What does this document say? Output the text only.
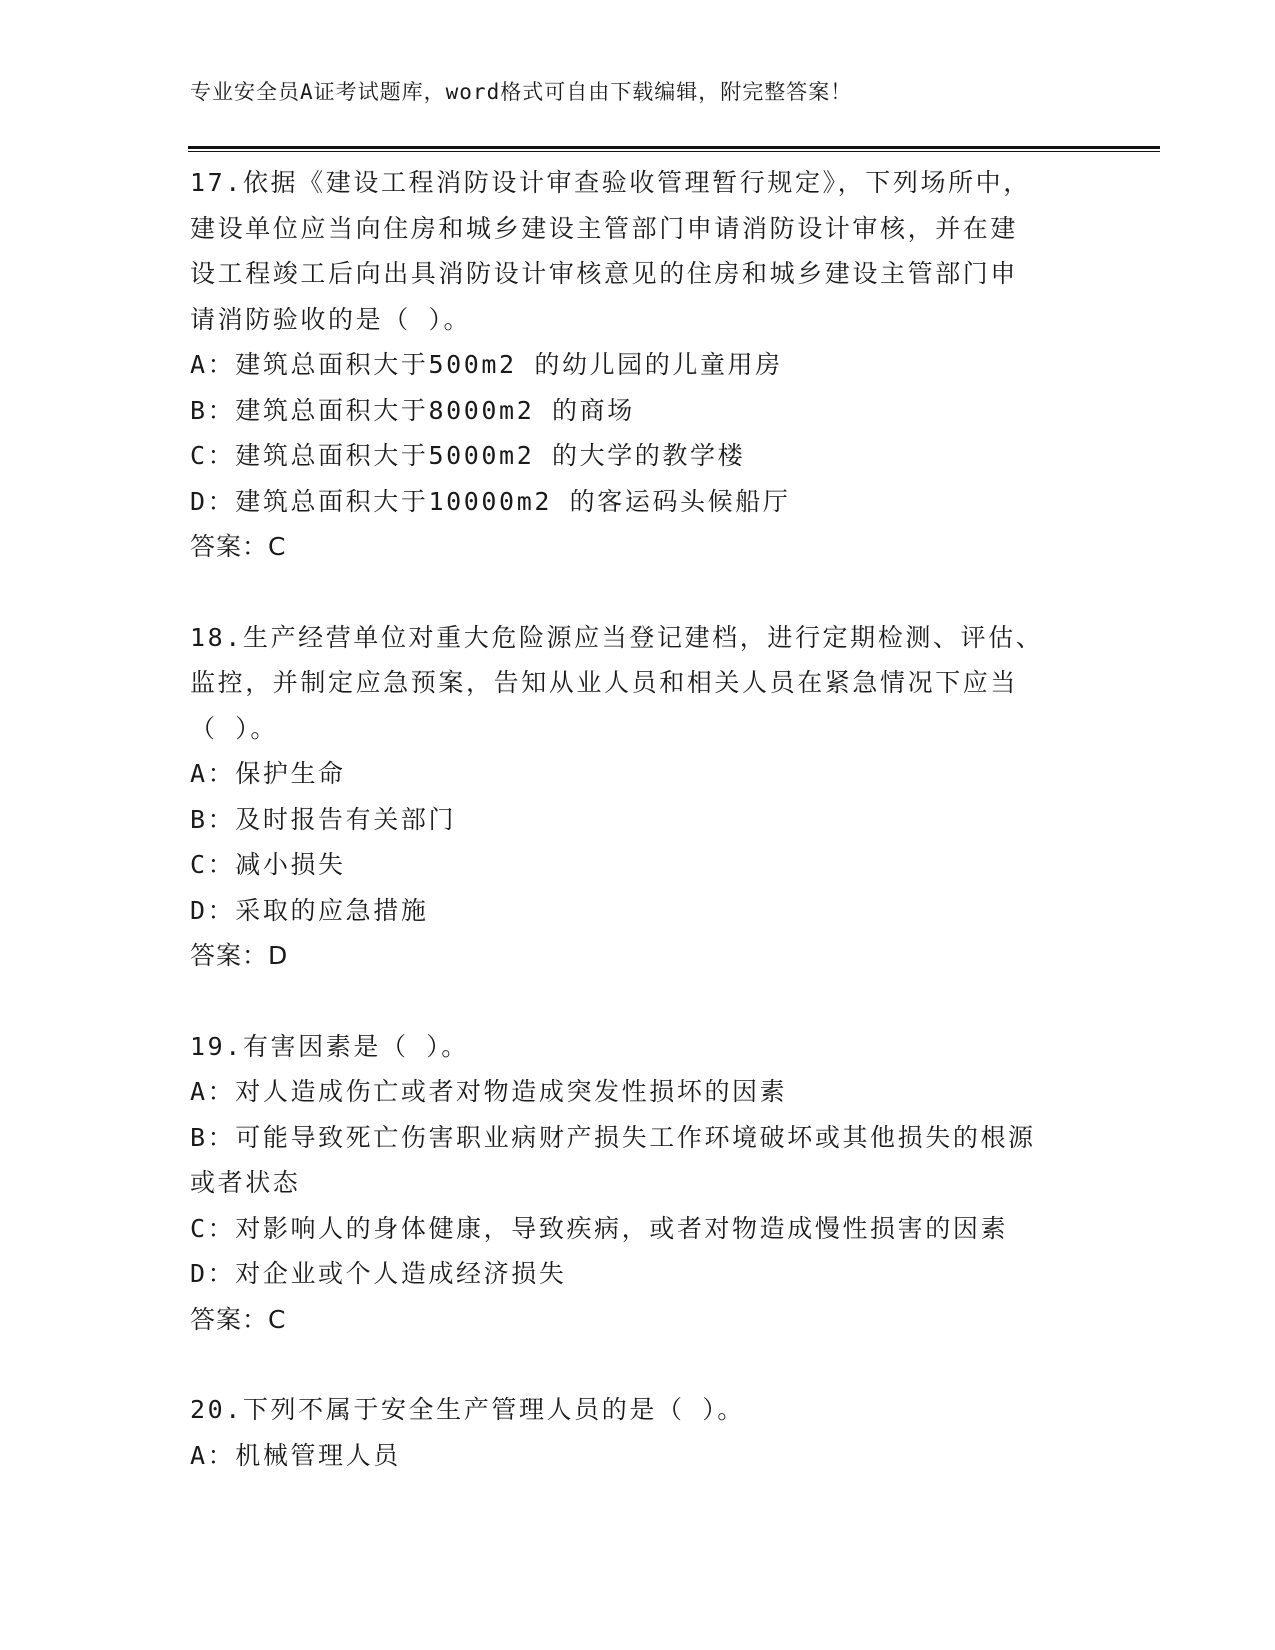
专业安全员A证考试题库，word格式可自由下载编辑，附完整答案！
17.依据《建设工程消防设计审查验收管理暂行规定》，下列场所中，
建设单位应当向住房和城乡建设主管部门申请消防设计审核，并在建
设工程竣工后向出具消防设计审核意见的住房和城乡建设主管部门申
请消防验收的是（ ）。
A：建筑总面积大于500m2 的幼儿园的儿童用房
B：建筑总面积大于8000m2 的商场
C：建筑总面积大于5000m2 的大学的教学楼
D：建筑总面积大于10000m2 的客运码头候船厅
答案：C
18.生产经营单位对重大危险源应当登记建档，进行定期检测、评估、
监控，并制定应急预案，告知从业人员和相关人员在紧急情况下应当
（ ）。
A：保护生命
B：及时报告有关部门
C：减小损失
D：采取的应急措施
答案：D
19.有害因素是（ ）。
A：对人造成伤亡或者对物造成突发性损坏的因素
B：可能导致死亡伤害职业病财产损失工作环境破坏或其他损失的根源
或者状态
C：对影响人的身体健康，导致疾病，或者对物造成慢性损害的因素
D：对企业或个人造成经济损失
答案：C
20.下列不属于安全生产管理人员的是（ ）。
A：机械管理人员
